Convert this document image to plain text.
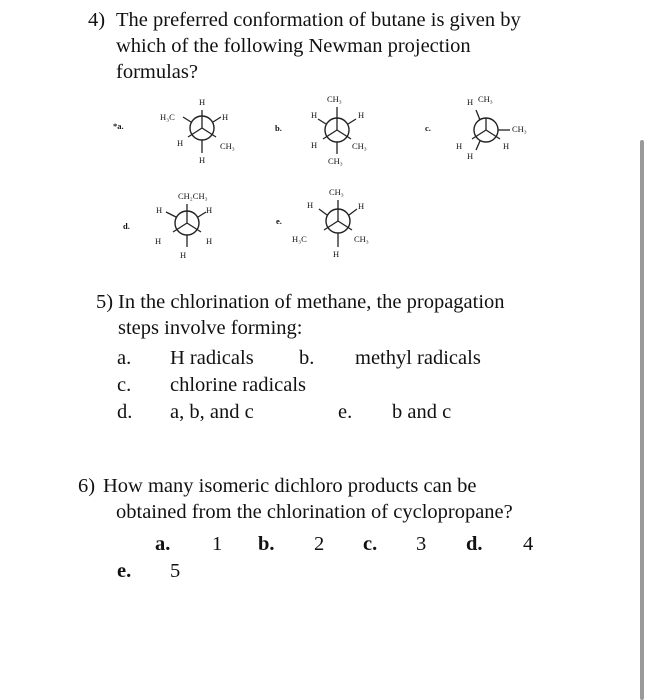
4) The preferred conformation of butane is given by
which of the following Newman projection
formulas?
*a.
H
H₃C	H
H	CH₃
H
b.
CH₃
H	H
H	CH₃
CH₃
c.
H CH₃
CH₃
H	H
H
d.
CH₂CH₃
H	H
H	H
H
e.
CH₃
H	H
H₃C	CH₃
H
5) In the chlorination of methane, the propagation
steps involve forming:
a. H radicals b. methyl radicals
c. chlorine radicals
d. a, b, and c	e. b and c
6) How many isomeric dichloro products can be
obtained from the chlorination of cyclopropane?
a. 1 b. 2 c. 3 d. 4
e. 5
